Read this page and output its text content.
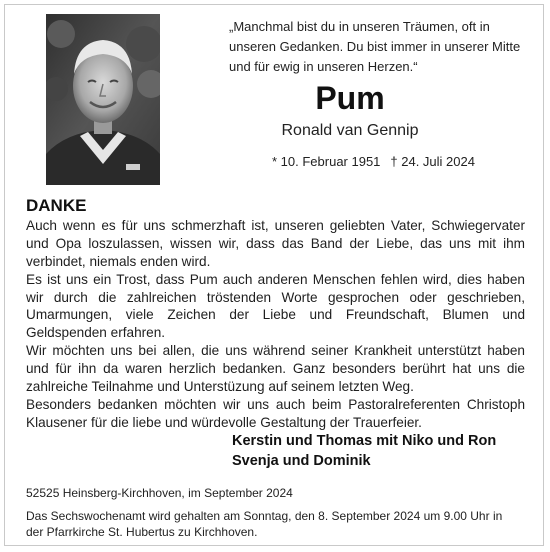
„Manchmal bist du in unseren Träumen, oft in
unseren Gedanken. Du bist immer in unserer Mitte
und für ewig in unseren Herzen.“
Pum
Ronald van Gennip
* 10. Februar 1951 † 24. Juli 2024
DANKE
Auch wenn es für uns schmerzhaft ist, unseren geliebten Vater, Schwiegervater
und Opa loszulassen, wissen wir, dass das Band der Liebe, das uns mit ihm
verbindet, niemals enden wird.
Es ist uns ein Trost, dass Pum auch anderen Menschen fehlen wird, dies haben
wir durch die zahlreichen tröstenden Worte gesprochen oder geschrieben,
Umarmungen, viele Zeichen der Liebe und Freundschaft, Blumen und
Geldspenden erfahren.
Wir möchten uns bei allen, die uns während seiner Krankheit unterstützt haben
und für ihn da waren herzlich bedanken. Ganz besonders berührt hat uns die
zahlreiche Teilnahme und Unterstüzung auf seinem letzten Weg.
Besonders bedanken möchten wir uns auch beim Pastoralreferenten Christoph
Klausener für die liebe und würdevolle Gestaltung der Trauerfeier.
Kerstin und Thomas mit Niko und Ron
Svenja und Dominik
52525 Heinsberg-Kirchhoven, im September 2024
Das Sechswochenamt wird gehalten am Sonntag, den 8. September 2024 um 9.00 Uhr in
der Pfarrkirche St. Hubertus zu Kirchhoven.
